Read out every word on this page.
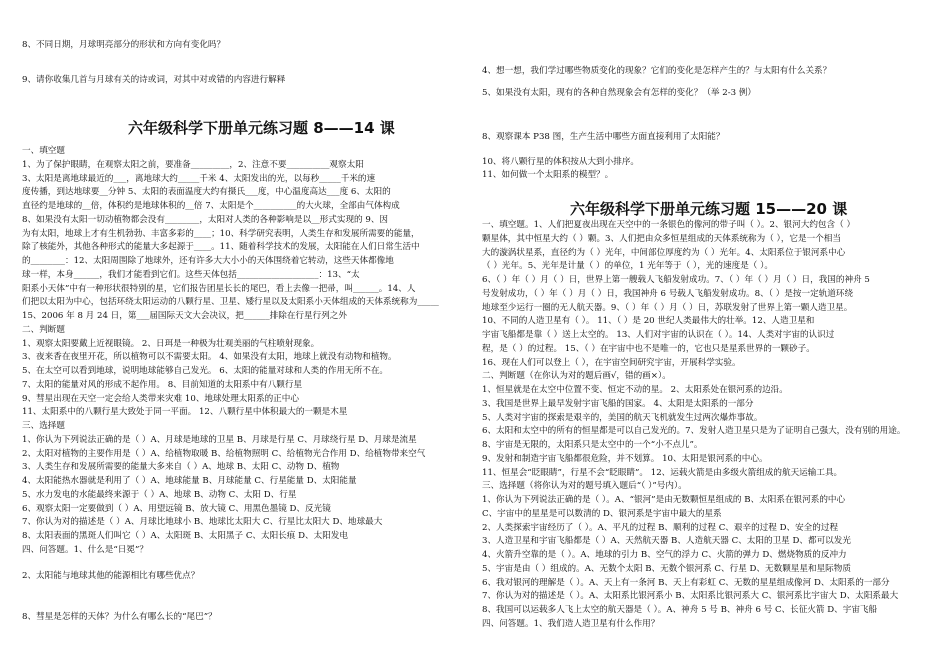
8、不同日期，月球明亮部分的形状和方向有变化吗？
9、请你收集几首与月球有关的诗或词，对其中对或错的内容进行解释
六年级科学下册单元练习题 8——14 课
一、填空题
1、为了保护眼睛，在观察太阳之前，要准备_________，2、注意不要__________观察太阳
3、太阳是离地球最近的___，离地球大约_____千米 4、太阳发出的光，以每秒_____千米的速
度传播，到达地球要__分钟 5、太阳的表面温度大约有摄氏___度，中心温度高达___度 6、太阳的
直径约是地球的__倍，体积约是地球体积的__倍 7、太阳是个__________的大火球，全部由气体构成
8、如果没有太阳一切动植物都会没有________，太阳对人类的各种影响是以__形式实现的 9、因
为有太阳，地球上才有生机勃勃、丰富多彩的____；10、科学研究表明，人类生存和发展所需要的能量，
除了核能外，其他各种形式的能量大多起源于____。11、随着科学技术的发展，太阳能在人们日常生活中
的________：12、太阳周围除了地球外，还有许多大大小小的天体围绕着它转动，这些天体都像地
球一样，本身______，我们才能看到它们。这些天体包括___________________：13、“太
阳系小天体”中有一种形状很特别的星，它们报告团星长长的尾巴，看上去像一把帚，叫______。14、人
们把以太阳为中心，包括环绕太阳运动的八颗行星、卫星、矮行星以及太阳系小天体组成的天体系统称为_____
15、2006 年 8 月 24 日，第___届国际天文大会决议，把______排除在行星行列之外
二、判断题
1、观察太阳要戴上近视眼镜。 2、日珥是一种极为壮观美丽的气柱喷射现象。
3、夜来香在夜里开花，所以植物可以不需要太阳。 4、如果没有太阳，地球上就没有动物和植物。
5、在太空可以看到地球，说明地球能够自己发光。 6、太阳的能量对球和人类的作用无所不在。
7、太阳的能量对风的形成不起作用。 8、目前知道的太阳系中有八颗行星
9、彗星出现在天空一定会给人类带来灾难 10、地球处理太阳系的正中心
11、太阳系中的八颗行星大致处于同一平面。 12、八颗行星中体积最大的一颗是木星
三、选择题
1、你认为下列说法正确的是（ ）A、月球是地球的卫星 B、月球是行星 C、月球绕行星 D、月球是流星
2、太阳对植物的主要作用是（ ）A、给植物取暖 B、给植物照明 C、给植物光合作用 D、给植物带来空气
3、人类生存和发展所需要的能量大多来自（ ）A、地球 B、太阳 C、动物 D、植物
4、太阳能热水器就是利用了（ ）A、地球能量 B、月球能量 C、行星能量 D、太阳能量
5、水力发电的水能最终来源于（ ）A、地球 B、动物 C、太阳 D、行星
6、观察太阳一定要做到（ ）A、用望远镜 B、放大镜 C、用黑色墨镜 D、反光镜
7、你认为对的描述是（ ）A、月球比地球小 B、地球比太阳大 C、行星比太阳大 D、地球最大
8、太阳表面的黑斑人们叫它（ ）A、太阳斑 B、太阳黑子 C、太阳长痕 D、太阳发电
四、问答题。1、什么是“日冕”？
2、太阳能与地球其他的能源相比有哪些优点？
8、彗星是怎样的天体？为什么有哪么长的“尾巴”？
4、想一想，我们学过哪些物质变化的现象？它们的变化是怎样产生的？与太阳有什么关系？
5、如果没有太阳，现有的各种自然现象会有怎样的变化？（举 2-3 例）
8、观察课本 P38 图，生产生活中哪些方面直接利用了太阳能？
10、将八颗行星的体积按从大到小排序。
11、如何做一个太阳系的模型？。
六年级科学下册单元练习题 15——20 课
一、填空题。1、人们把夏夜出现在天空中的一条银色的像河的带子叫（ ）。2、银河大约包含（ ）
颗星体，其中恒星大约（ ）颗。3、人们把由众多恒星组成的天体系统称为（ ），它是一个相当
大的漩涡状星系，直径约为（ ）光年，中间部位厚度约为（ ）光年。4、太阳系位于银河系中心
（ ）光年。5、光年是计量（ ）的单位，1 光年等于（ ），光的速度是（ ）。
6、（ ）年（ ）月（ ）日，世界上第一艘载人飞船发射成功。7、（ ）年（ ）月（ ）日，我国的神舟 5
号发射成功，（ ）年（ ）月（ ）日，我国神舟 6 号载人飞船发射成功。8、（ ）是按一定轨道环绕
地球至少运行一圈的无人航天器。9、（ ）年（ ）月（ ）日，苏联发射了世界上第一颗人造卫星。
10、不同的人造卫星有（ ）。 11、（ ）是 20 世纪人类最伟大的壮举。12、人造卫星和
宇宙飞船都是靠（ ）送上太空的。 13、人们对宇宙的认识在（ ）。14、人类对宇宙的认识过
程，是（ ）的过程。 15、（ ）在宇宙中也不是唯一的，它也只是星系世界的一颗砂子。
16、现在人们可以登上（ ），在宇宙空间研究宇宙，开展科学实验。
二、判断题（在你认为对的题后画√，错的画×）。
1、恒星就是在太空中位置不变、恒定不动的星。 2、太阳系处在银河系的边沿。
3、我国是世界上最早发射宇宙飞船的国家。 4、太阳是太阳系的一部分
5、人类对宇宙的探索是艰辛的，美国的航天飞机就发生过两次爆炸事故。
6、太阳和太空中的所有的恒星都是可以自己发光的。7、发射人造卫星只是为了证明自己强大，没有别的用途。
8、宇宙是无限的，太阳系只是太空中的一个“小不点儿”。
9、发射和制造宇宙飞船都很危险，并不划算。 10、太阳是银河系的中心。
11、恒星会“眨眼睛”，行星不会“眨眼睛”。 12、运载火箭是由多级火箭组成的航天运输工具。
三、选择题（将你认为对的题号填入题后“（ ）”号内）。
1、你认为下列说法正确的是（ ）。A、“银河”是由无数颗恒星组成的 B、太阳系在银河系的中心
C、宇宙中的星星是可以数清的 D、银河系是宇宙中最大的星系
2、人类探索宇宙经历了（ ）。A、平凡的过程 B、顺利的过程 C、艰辛的过程 D、安全的过程
3、人造卫星和宇宙飞船都是（ ）A、天然航天器 B、人造航天器 C、太阳的卫星 D、都可以发光
4、火箭升空靠的是（ ）。A、地球的引力 B、空气的浮力 C、火箭的弹力 D、燃烧物质的反冲力
5、宇宙是由（ ）组成的。A、无数个太阳 B、无数个银河系 C、行星 D、无数颗星星和星际物质
6、我对银河的理解是（ ）。A、天上有一条河 B、天上有彩虹 C、无数的星星组成像河 D、太阳系的一部分
7、你认为对的描述是（ ）。A、太阳系比银河系小 B、太阳系比银河系大 C、银河系比宇宙大 D、太阳系最大
8、我国可以运载多人飞上太空的航天器是（ ）。A、神舟 5 号 B、神舟 6 号 C、长征火箭 D、宇宙飞船
四、问答题。1、我们造人造卫星有什么作用？
